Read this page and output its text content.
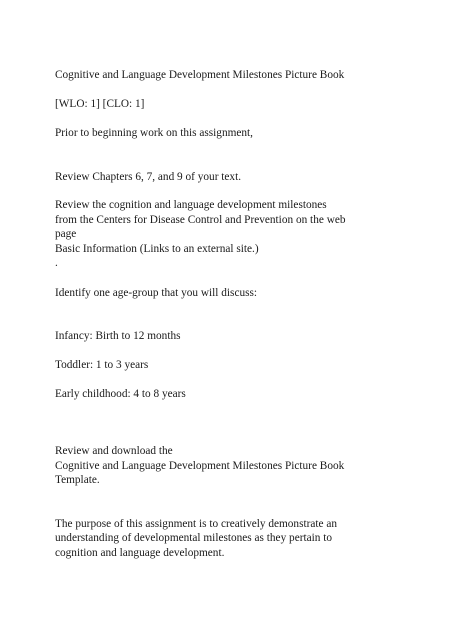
Cognitive and Language Development Milestones Picture Book

[WLO: 1] [CLO: 1]

Prior to beginning work on this assignment,

Review Chapters 6, 7, and 9 of your text.

Review the cognition and language development milestones

from the Centers for Disease Control and Prevention on the web

page

Basic Information (Links to an external site.)

.

Identify one age-group that you will discuss:

Infancy: Birth to 12 months

Toddler: 1 to 3 years

Early childhood: 4 to 8 years

Review and download the

Cognitive and Language Development Milestones Picture Book

Template.

The purpose of this assignment is to creatively demonstrate an

understanding of developmental milestones as they pertain to

cognition and language development.
